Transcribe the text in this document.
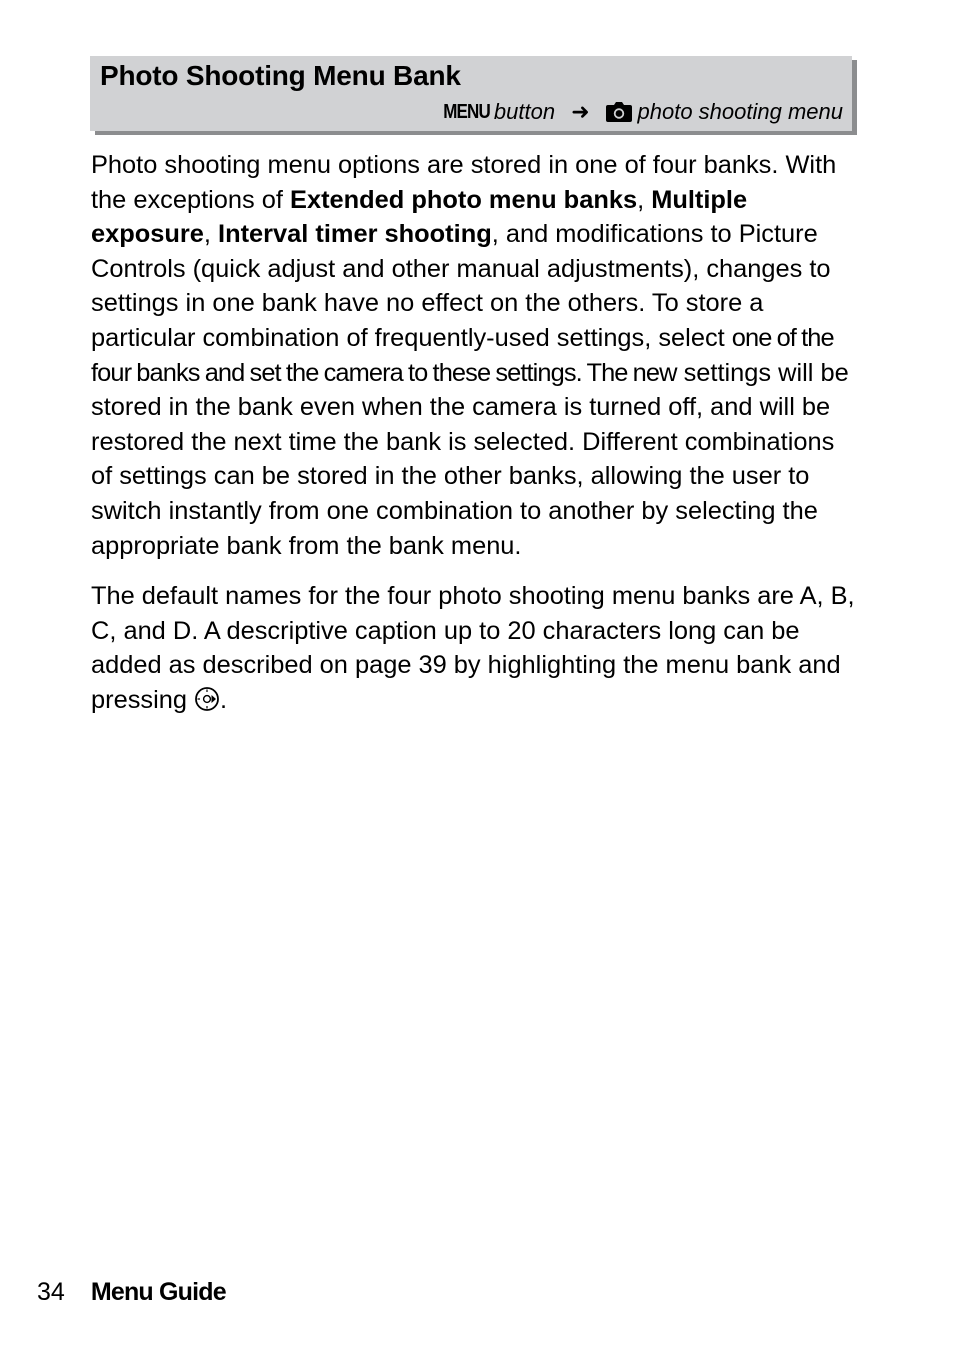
Photo Shooting Menu Bank
MENU button ➜ photo shooting menu

Photo shooting menu options are stored in one of four banks. With the exceptions of Extended photo menu banks, Multiple exposure, Interval timer shooting, and modifications to Picture Controls (quick adjust and other manual adjustments), changes to settings in one bank have no effect on the others. To store a particular combination of frequently-used settings, select one of the four banks and set the camera to these settings. The new settings will be stored in the bank even when the camera is turned off, and will be restored the next time the bank is selected. Different combinations of settings can be stored in the other banks, allowing the user to switch instantly from one combination to another by selecting the appropriate bank from the bank menu.

The default names for the four photo shooting menu banks are A, B, C, and D. A descriptive caption up to 20 characters long can be added as described on page 39 by highlighting the menu bank and pressing .

34 Menu Guide
